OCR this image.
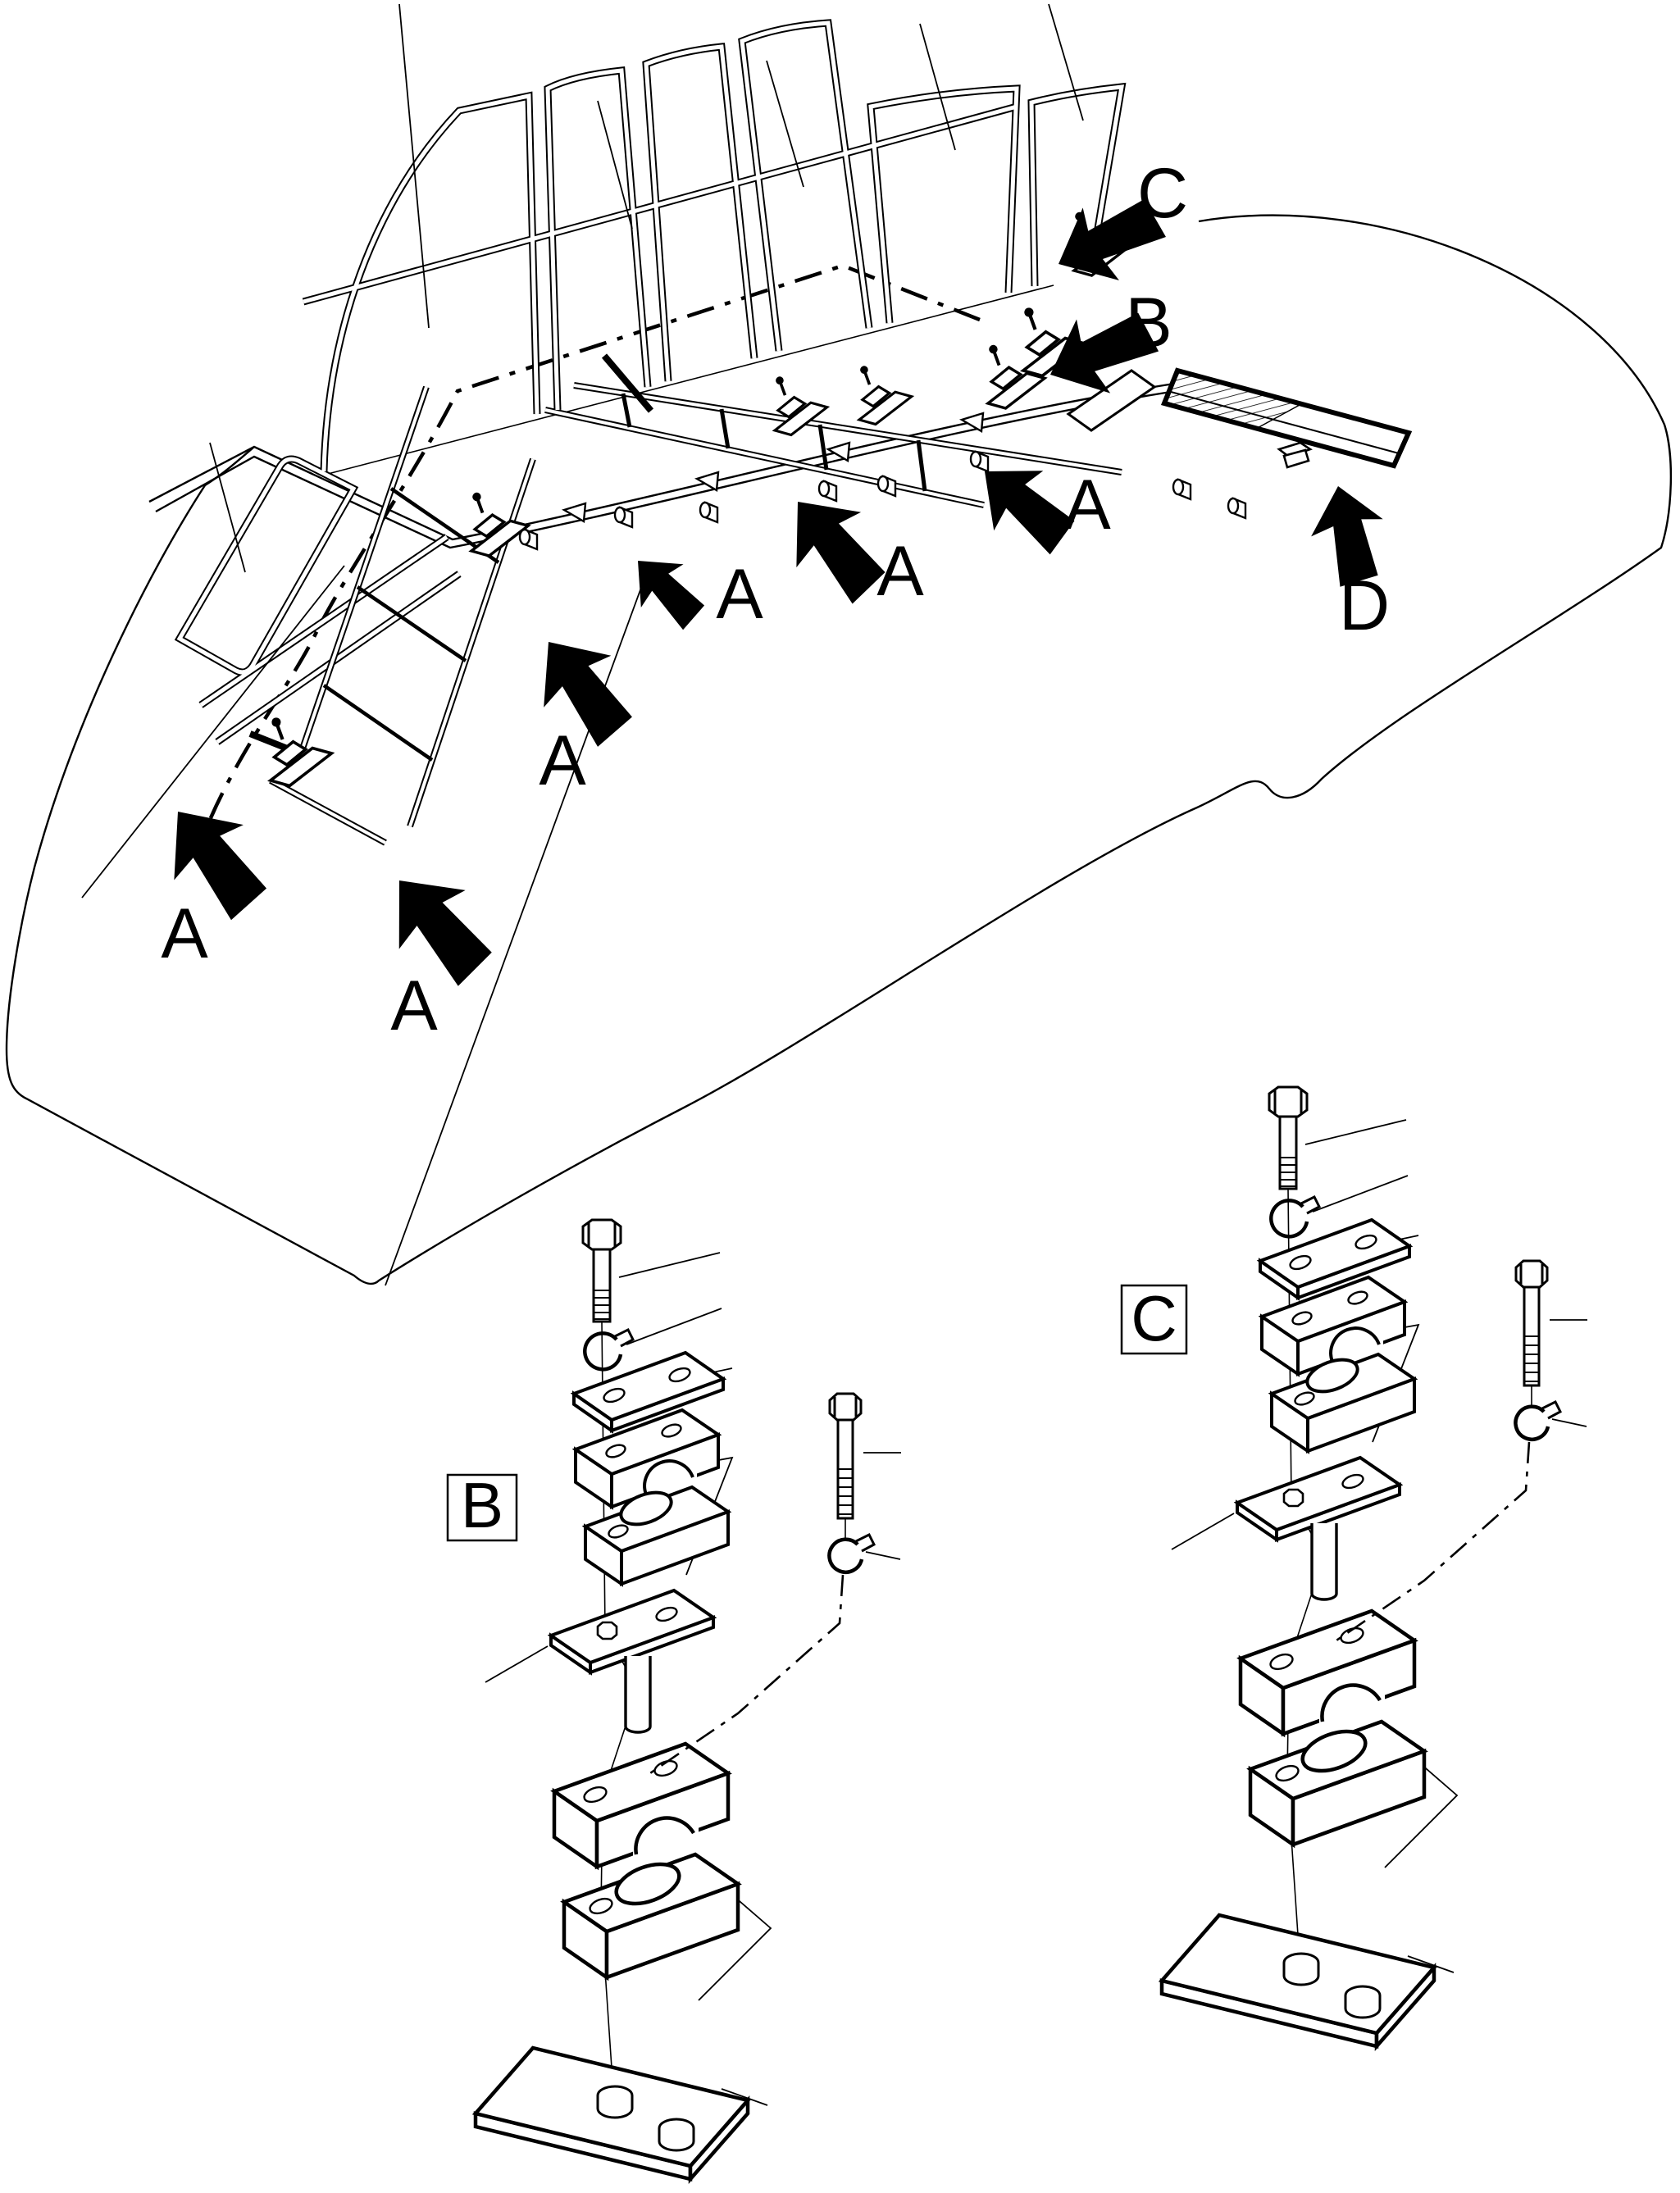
A
A
A
A A
A
B
C
D
B
C
